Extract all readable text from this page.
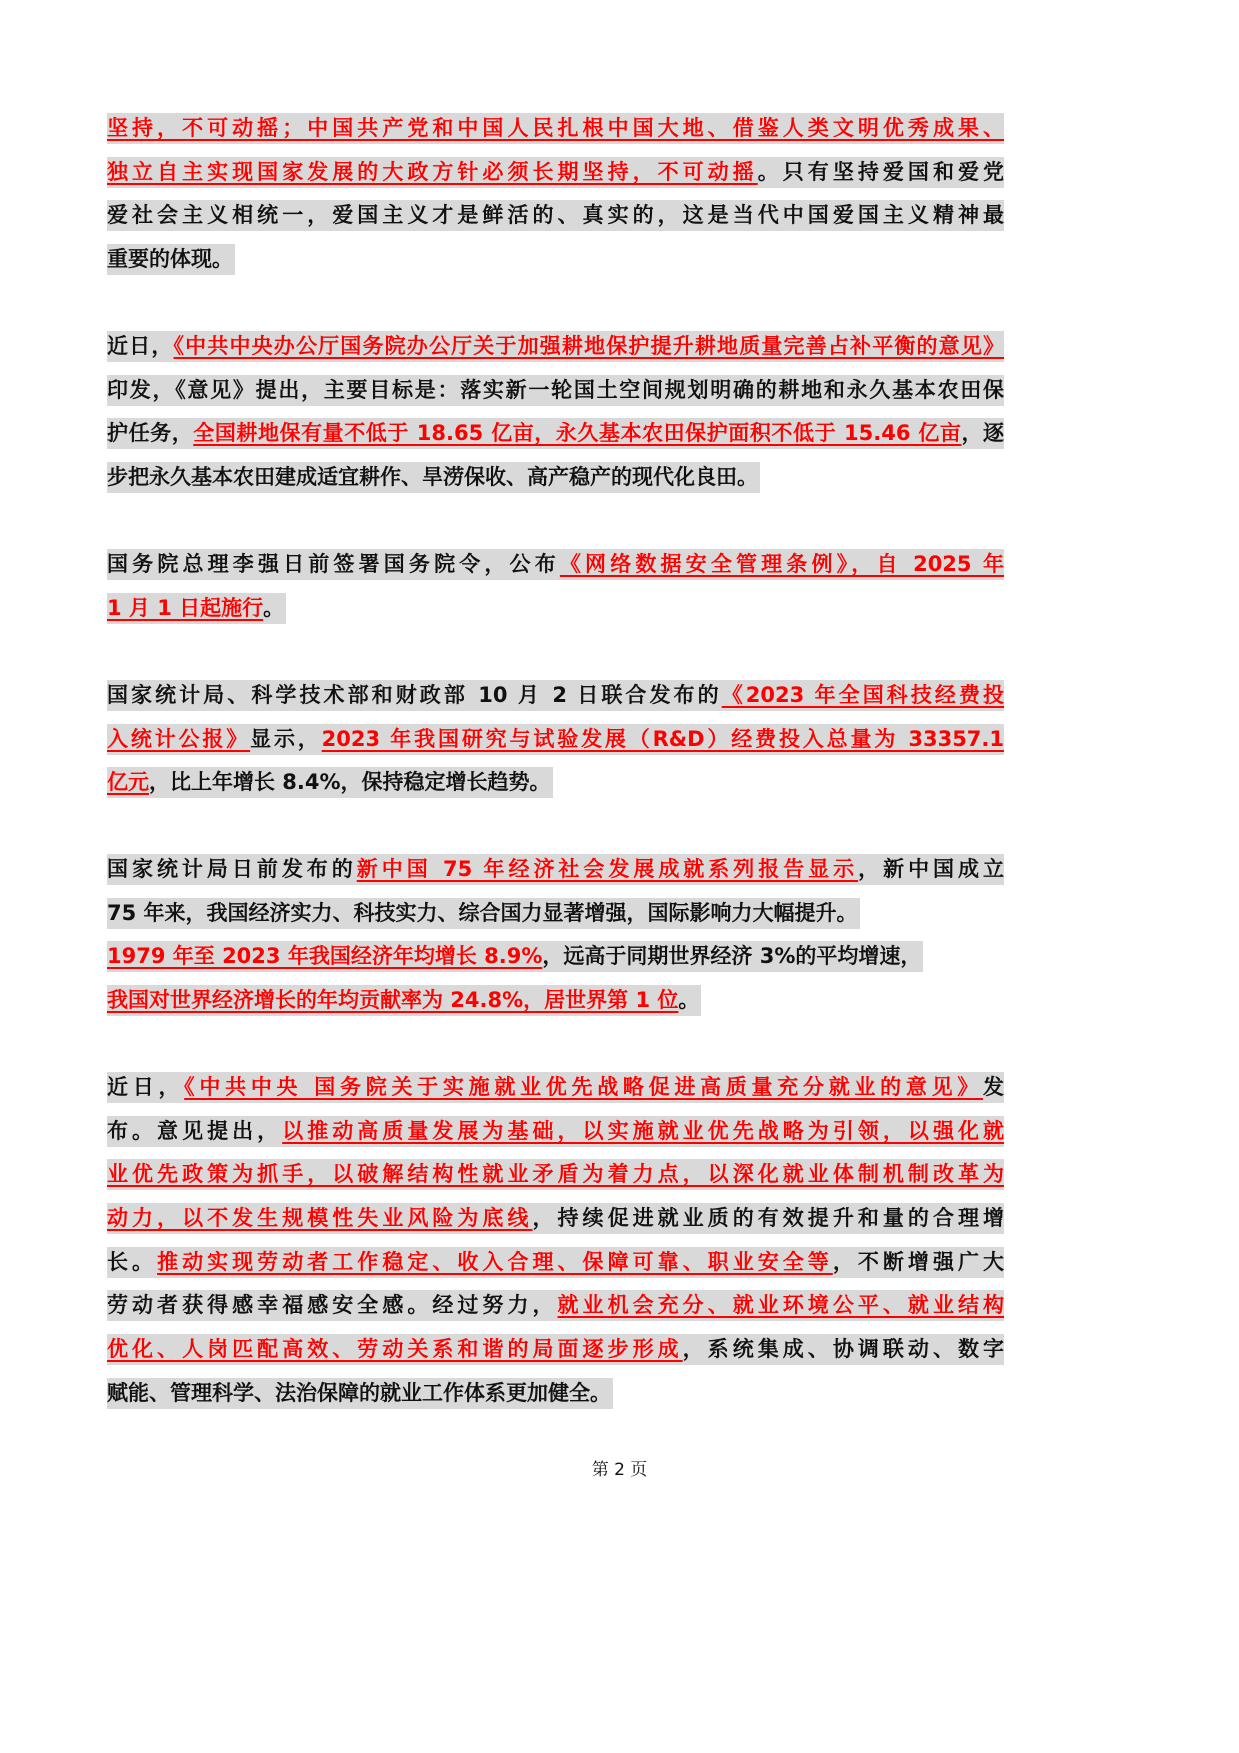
坚持，不可动摇；中国共产党和中国人民扎根中国大地、借鉴人类文明优秀成果、
独立自主实现国家发展的大政方针必须长期坚持，不可动摇。只有坚持爱国和爱党
爱社会主义相统一，爱国主义才是鲜活的、真实的，这是当代中国爱国主义精神最
重要的体现。
近日，《中共中央办公厅国务院办公厅关于加强耕地保护提升耕地质量完善占补平衡的意见》
印发，《意见》提出，主要目标是：落实新一轮国土空间规划明确的耕地和永久基本农田保
护任务，全国耕地保有量不低于 18.65 亿亩，永久基本农田保护面积不低于 15.46 亿亩，逐
步把永久基本农田建成适宜耕作、旱涝保收、高产稳产的现代化良田。
国务院总理李强日前签署国务院令，公布《网络数据安全管理条例》，自 2025 年
1 月 1 日起施行。
国家统计局、科学技术部和财政部 10 月 2 日联合发布的《2023 年全国科技经费投
入统计公报》显示，2023 年我国研究与试验发展（R&D）经费投入总量为 33357.1
亿元，比上年增长 8.4%，保持稳定增长趋势。
国家统计局日前发布的新中国 75 年经济社会发展成就系列报告显示，新中国成立
75 年来，我国经济实力、科技实力、综合国力显著增强，国际影响力大幅提升。
1979 年至 2023 年我国经济年均增长 8.9%，远高于同期世界经济 3%的平均增速，
我国对世界经济增长的年均贡献率为 24.8%，居世界第 1 位。
近日，《中共中央 国务院关于实施就业优先战略促进高质量充分就业的意见》发
布。意见提出，以推动高质量发展为基础，以实施就业优先战略为引领，以强化就
业优先政策为抓手，以破解结构性就业矛盾为着力点，以深化就业体制机制改革为
动力，以不发生规模性失业风险为底线，持续促进就业质的有效提升和量的合理增
长。推动实现劳动者工作稳定、收入合理、保障可靠、职业安全等，不断增强广大
劳动者获得感幸福感安全感。经过努力，就业机会充分、就业环境公平、就业结构
优化、人岗匹配高效、劳动关系和谐的局面逐步形成，系统集成、协调联动、数字
赋能、管理科学、法治保障的就业工作体系更加健全。
第 2 页
